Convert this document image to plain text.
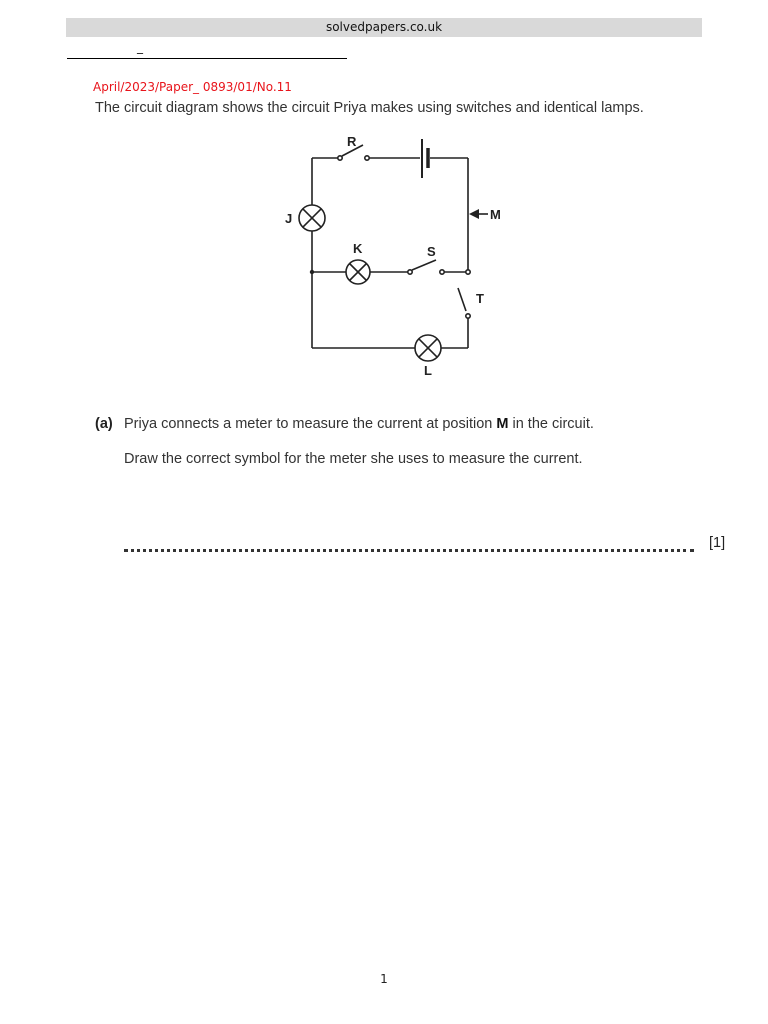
solvedpapers.co.uk
_
April/2023/Paper_ 0893/01/No.11
The circuit diagram shows the circuit Priya makes using switches and identical lamps.
R
J	M
K	S
T
L
(a) Priya connects a meter to measure the current at position M in the circuit.
Draw the correct symbol for the meter she uses to measure the current.
[1]
1
